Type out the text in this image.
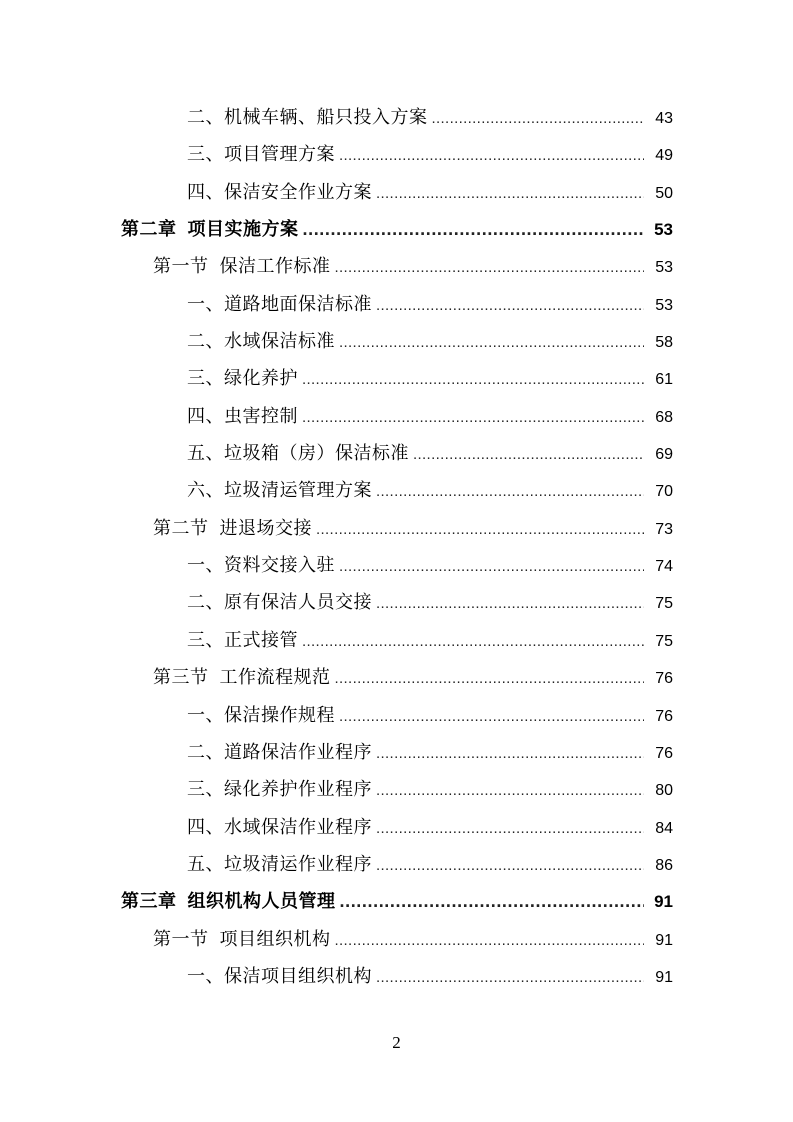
二、机械车辆、船只投入方案 .....	43
三、项目管理方案 .....	49
四、保洁安全作业方案 .....	50
第二章 项目实施方案 .....	53
第一节 保洁工作标准 .....	53
一、道路地面保洁标准 .....	53
二、水域保洁标准 .....	58
三、绿化养护 .....	61
四、虫害控制 .....	68
五、垃圾箱（房）保洁标准 .....	69
六、垃圾清运管理方案 .....	70
第二节 进退场交接 .....	73
一、资料交接入驻 .....	74
二、原有保洁人员交接 .....	75
三、正式接管 .....	75
第三节 工作流程规范 .....	76
一、保洁操作规程 .....	76
二、道路保洁作业程序 .....	76
三、绿化养护作业程序 .....	80
四、水域保洁作业程序 .....	84
五、垃圾清运作业程序 .....	86
第三章 组织机构人员管理 .....	91
第一节 项目组织机构 .....	91
一、保洁项目组织机构 .....	91
2
